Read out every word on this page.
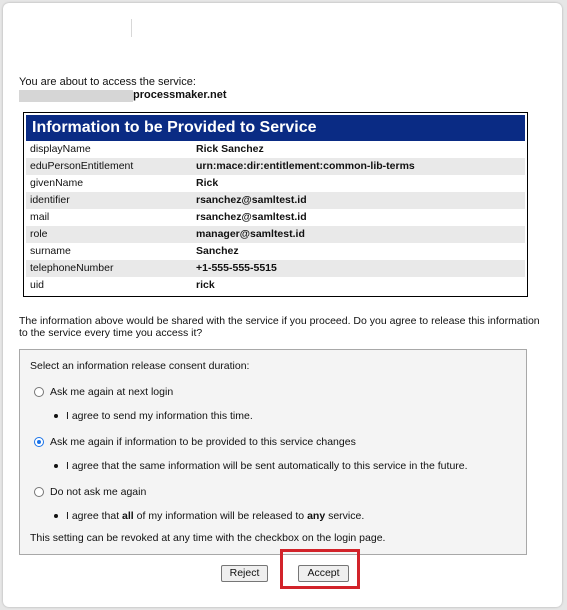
You are about to access the service:
processmaker.net
Information to be Provided to Service
displayName	Rick Sanchez
eduPersonEntitlement	urn:mace:dir:entitlement:common-lib-terms
givenName	Rick
identifier	rsanchez@samltest.id
mail	rsanchez@samltest.id
role	manager@samltest.id
surname	Sanchez
telephoneNumber	+1-555-555-5515
uid	rick
The information above would be shared with the service if you proceed. Do you agree to release this information to the service every time you access it?
Select an information release consent duration:
Ask me again at next login
I agree to send my information this time.
Ask me again if information to be provided to this service changes
I agree that the same information will be sent automatically to this service in the future.
Do not ask me again
I agree that all of my information will be released to any service.
This setting can be revoked at any time with the checkbox on the login page.
Reject	Accept
